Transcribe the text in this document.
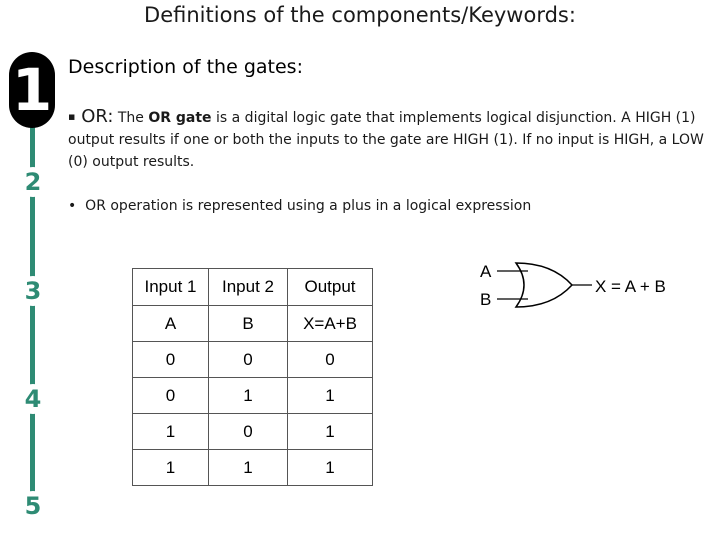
Definitions of the components/Keywords:
1
2
3
4
5
Description of the gates:
▪ OR: The OR gate is a digital logic gate that implements logical disjunction. A HIGH (1) output results if one or both the inputs to the gate are HIGH (1). If no input is HIGH, a LOW (0) output results.
• OR operation is represented using a plus in a logical expression
Input 1	Input 2	Output
A	B	X=A+B
0	0	0
0	1	1
1	0	1
1	1	1
A
B
X = A + B
